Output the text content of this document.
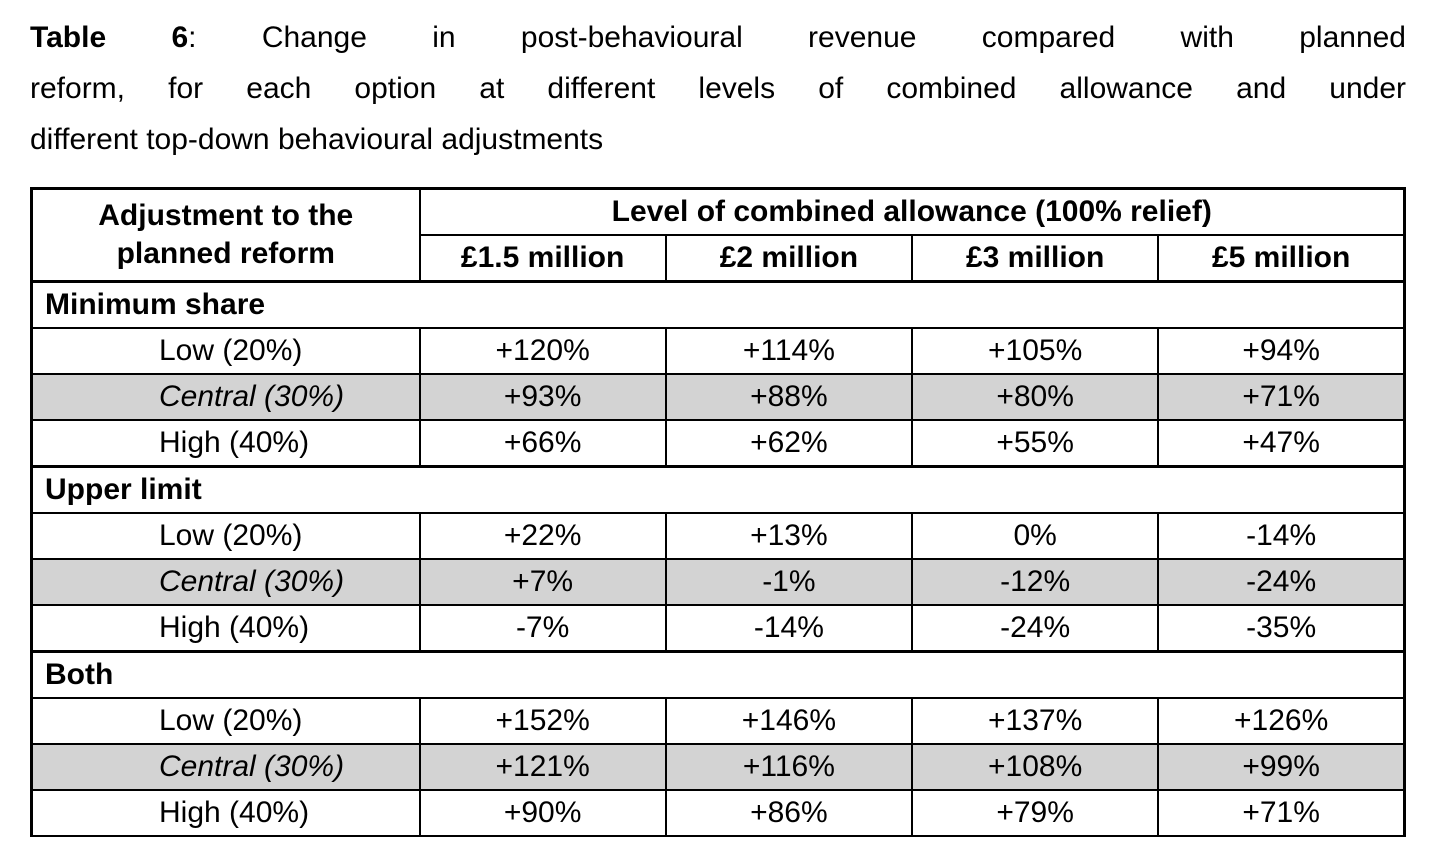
Table 6: Change in post-behavioural revenue compared with planned
reform, for each option at different levels of combined allowance and under
different top-down behavioural adjustments

Adjustment to the planned reform	Level of combined allowance (100% relief)			
	£1.5 million	£2 million	£3 million	£5 million
Minimum share				
Low (20%)	+120%	+114%	+105%	+94%
Central (30%)	+93%	+88%	+80%	+71%
High (40%)	+66%	+62%	+55%	+47%
Upper limit				
Low (20%)	+22%	+13%	0%	-14%
Central (30%)	+7%	-1%	-12%	-24%
High (40%)	-7%	-14%	-24%	-35%
Both				
Low (20%)	+152%	+146%	+137%	+126%
Central (30%)	+121%	+116%	+108%	+99%
High (40%)	+90%	+86%	+79%	+71%
